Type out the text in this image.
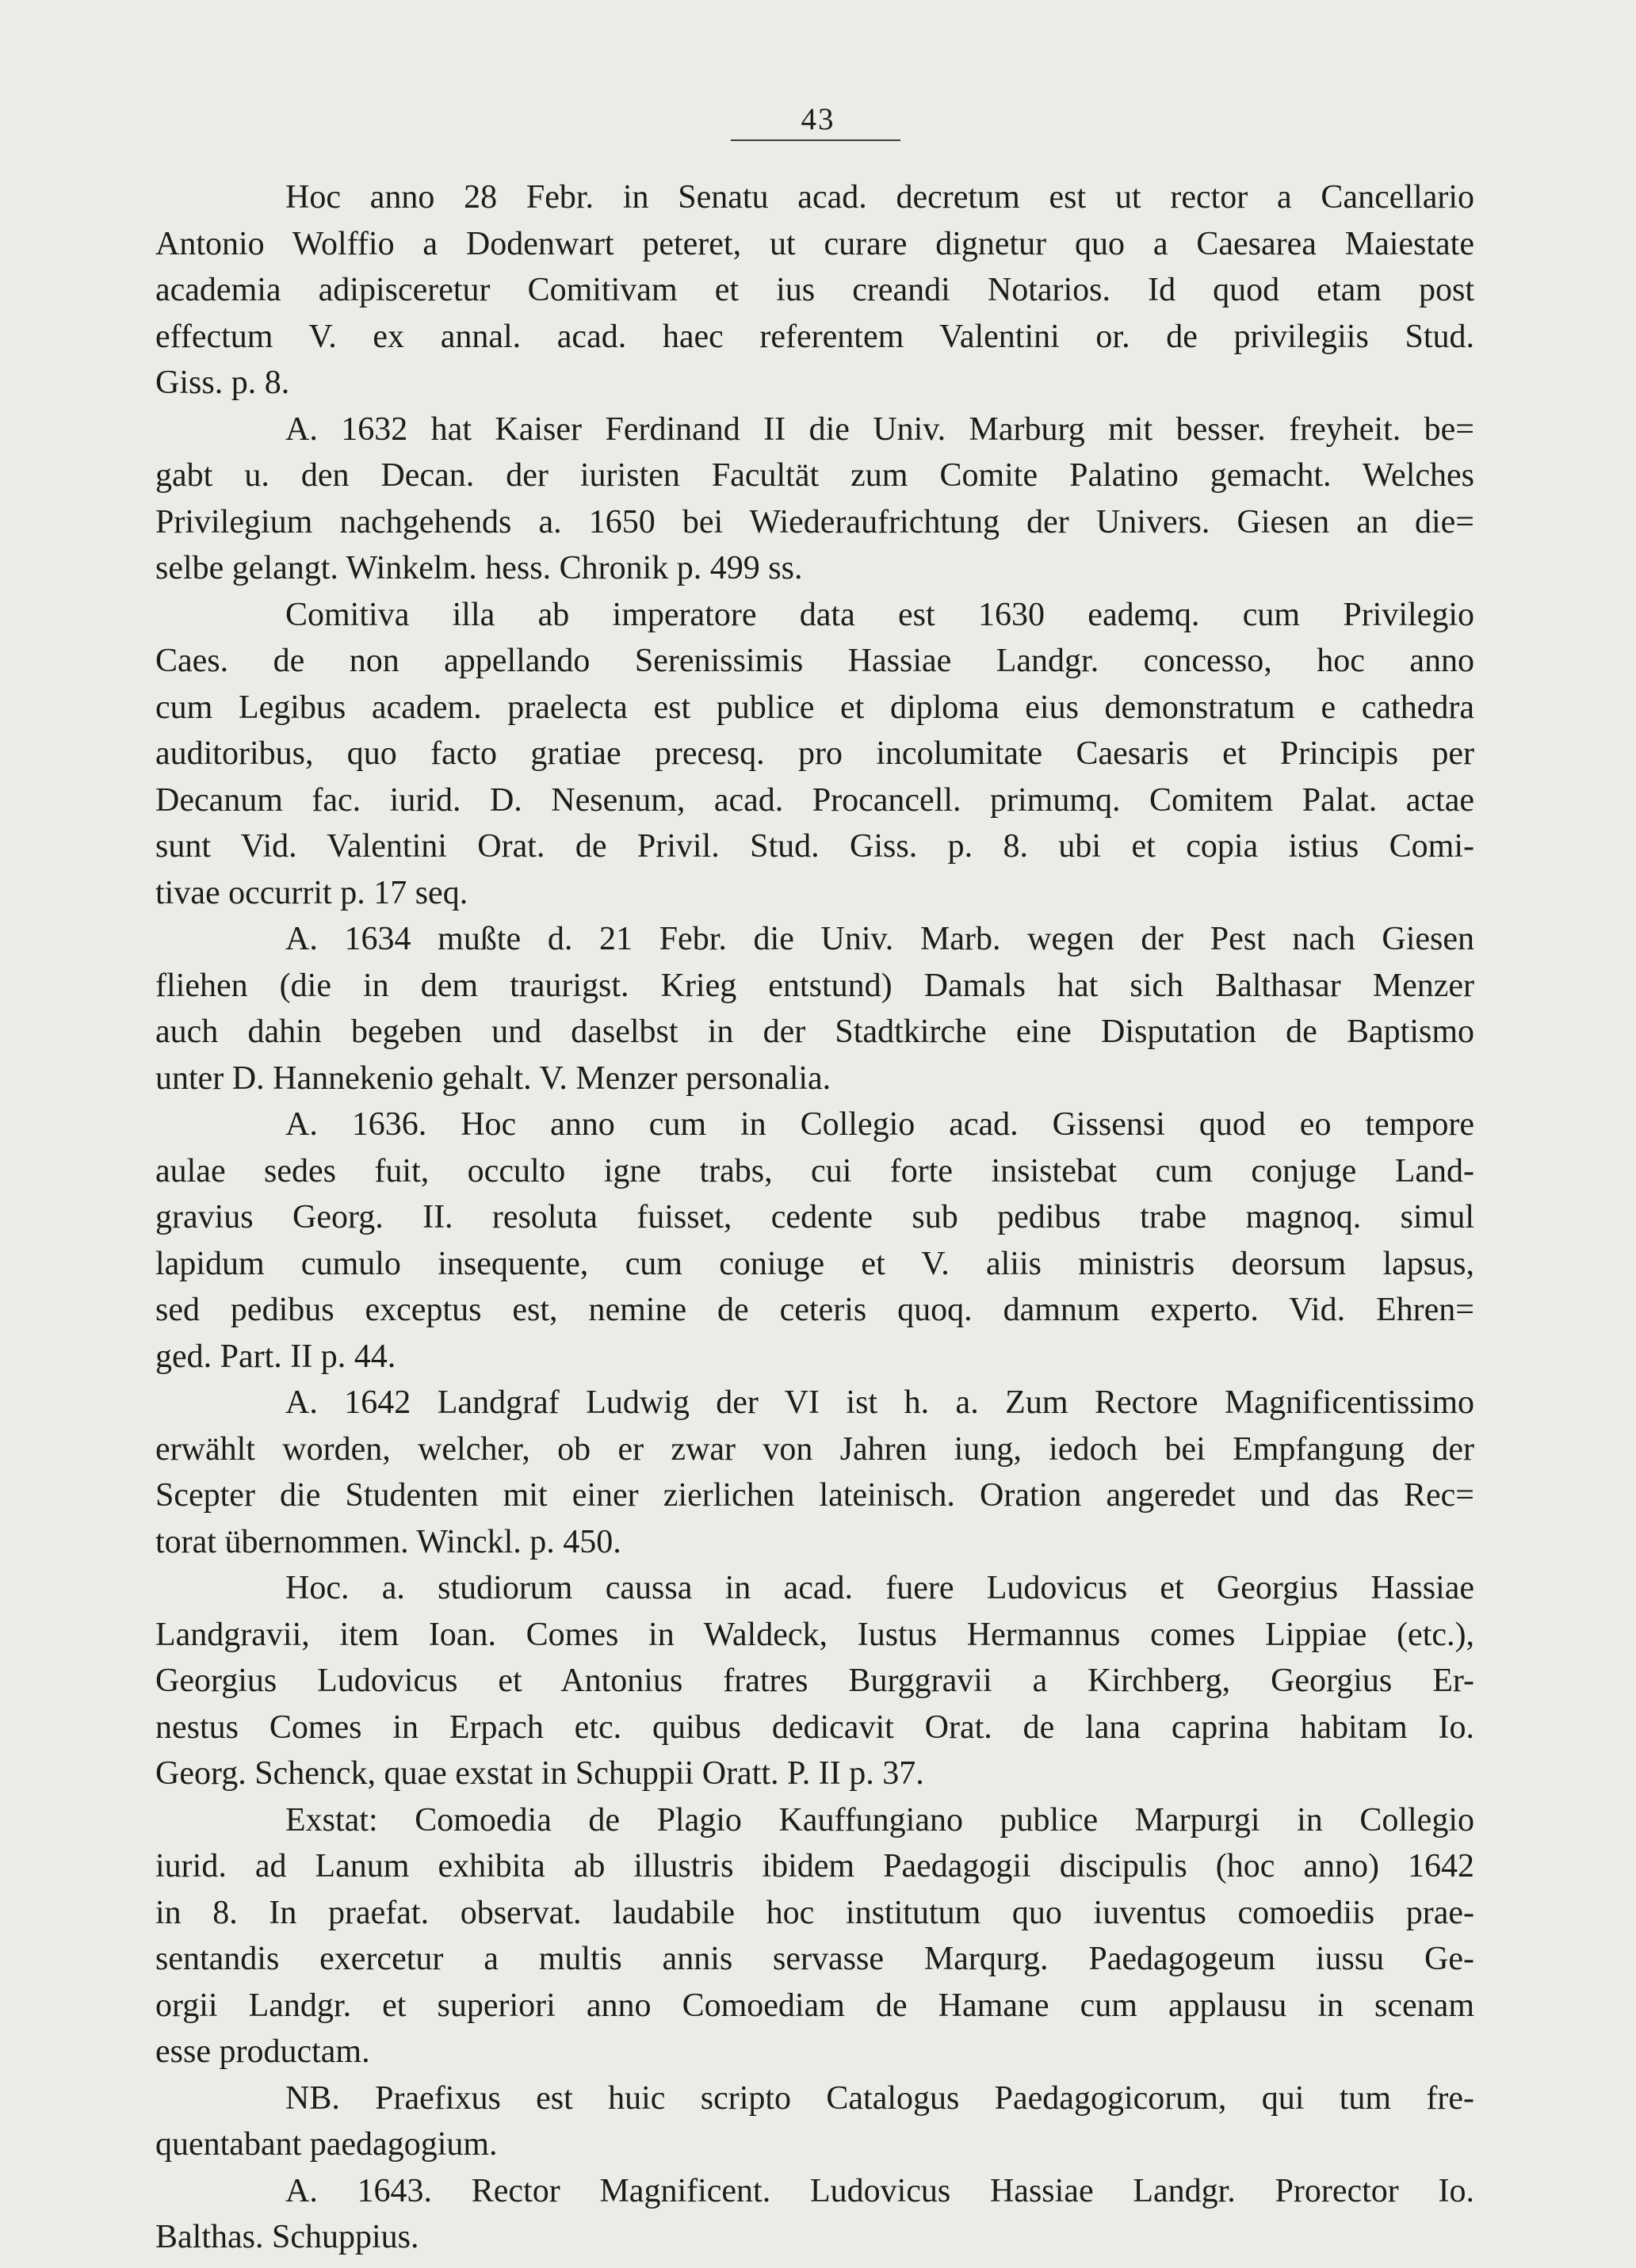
43
Hoc anno 28 Febr. in Senatu acad. decretum est ut rector a Cancellario
Antonio Wolffio a Dodenwart peteret, ut curare dignetur quo a Caesarea Maiestate
academia adipisceretur Comitivam et ius creandi Notarios. Id quod etam post
effectum V. ex annal. acad. haec referentem Valentini or. de privilegiis Stud.
Giss. p. 8.
A. 1632 hat Kaiser Ferdinand II die Univ. Marburg mit besser. freyheit. be=
gabt u. den Decan. der iuristen Facultät zum Comite Palatino gemacht. Welches
Privilegium nachgehends a. 1650 bei Wiederaufrichtung der Univers. Giesen an die=
selbe gelangt. Winkelm. hess. Chronik p. 499 ss.
Comitiva illa ab imperatore data est 1630 eademq. cum Privilegio
Caes. de non appellando Serenissimis Hassiae Landgr. concesso, hoc anno
cum Legibus academ. praelecta est publice et diploma eius demonstratum e cathedra
auditoribus, quo facto gratiae precesq. pro incolumitate Caesaris et Principis per
Decanum fac. iurid. D. Nesenum, acad. Procancell. primumq. Comitem Palat. actae
sunt Vid. Valentini Orat. de Privil. Stud. Giss. p. 8. ubi et copia istius Comi-
tivae occurrit p. 17 seq.
A. 1634 mußte d. 21 Febr. die Univ. Marb. wegen der Pest nach Giesen
fliehen (die in dem traurigst. Krieg entstund) Damals hat sich Balthasar Menzer
auch dahin begeben und daselbst in der Stadtkirche eine Disputation de Baptismo
unter D. Hannekenio gehalt. V. Menzer personalia.
A. 1636. Hoc anno cum in Collegio acad. Gissensi quod eo tempore
aulae sedes fuit, occulto igne trabs, cui forte insistebat cum conjuge Land-
gravius Georg. II. resoluta fuisset, cedente sub pedibus trabe magnoq. simul
lapidum cumulo insequente, cum coniuge et V. aliis ministris deorsum lapsus,
sed pedibus exceptus est, nemine de ceteris quoq. damnum experto. Vid. Ehren=
ged. Part. II p. 44.
A. 1642 Landgraf Ludwig der VI ist h. a. Zum Rectore Magnificentissimo
erwählt worden, welcher, ob er zwar von Jahren iung, iedoch bei Empfangung der
Scepter die Studenten mit einer zierlichen lateinisch. Oration angeredet und das Rec=
torat übernommen. Winckl. p. 450.
Hoc. a. studiorum caussa in acad. fuere Ludovicus et Georgius Hassiae
Landgravii, item Ioan. Comes in Waldeck, Iustus Hermannus comes Lippiae (etc.),
Georgius Ludovicus et Antonius fratres Burggravii a Kirchberg, Georgius Er-
nestus Comes in Erpach etc. quibus dedicavit Orat. de lana caprina habitam Io.
Georg. Schenck, quae exstat in Schuppii Oratt. P. II p. 37.
Exstat: Comoedia de Plagio Kauffungiano publice Marpurgi in Collegio
iurid. ad Lanum exhibita ab illustris ibidem Paedagogii discipulis (hoc anno) 1642
in 8. In praefat. observat. laudabile hoc institutum quo iuventus comoediis prae-
sentandis exercetur a multis annis servasse Marqurg. Paedagogeum iussu Ge-
orgii Landgr. et superiori anno Comoediam de Hamane cum applausu in scenam
esse productam.
NB. Praefixus est huic scripto Catalogus Paedagogicorum, qui tum fre-
quentabant paedagogium.
A. 1643. Rector Magnificent. Ludovicus Hassiae Landgr. Prorector Io.
Balthas. Schuppius.
